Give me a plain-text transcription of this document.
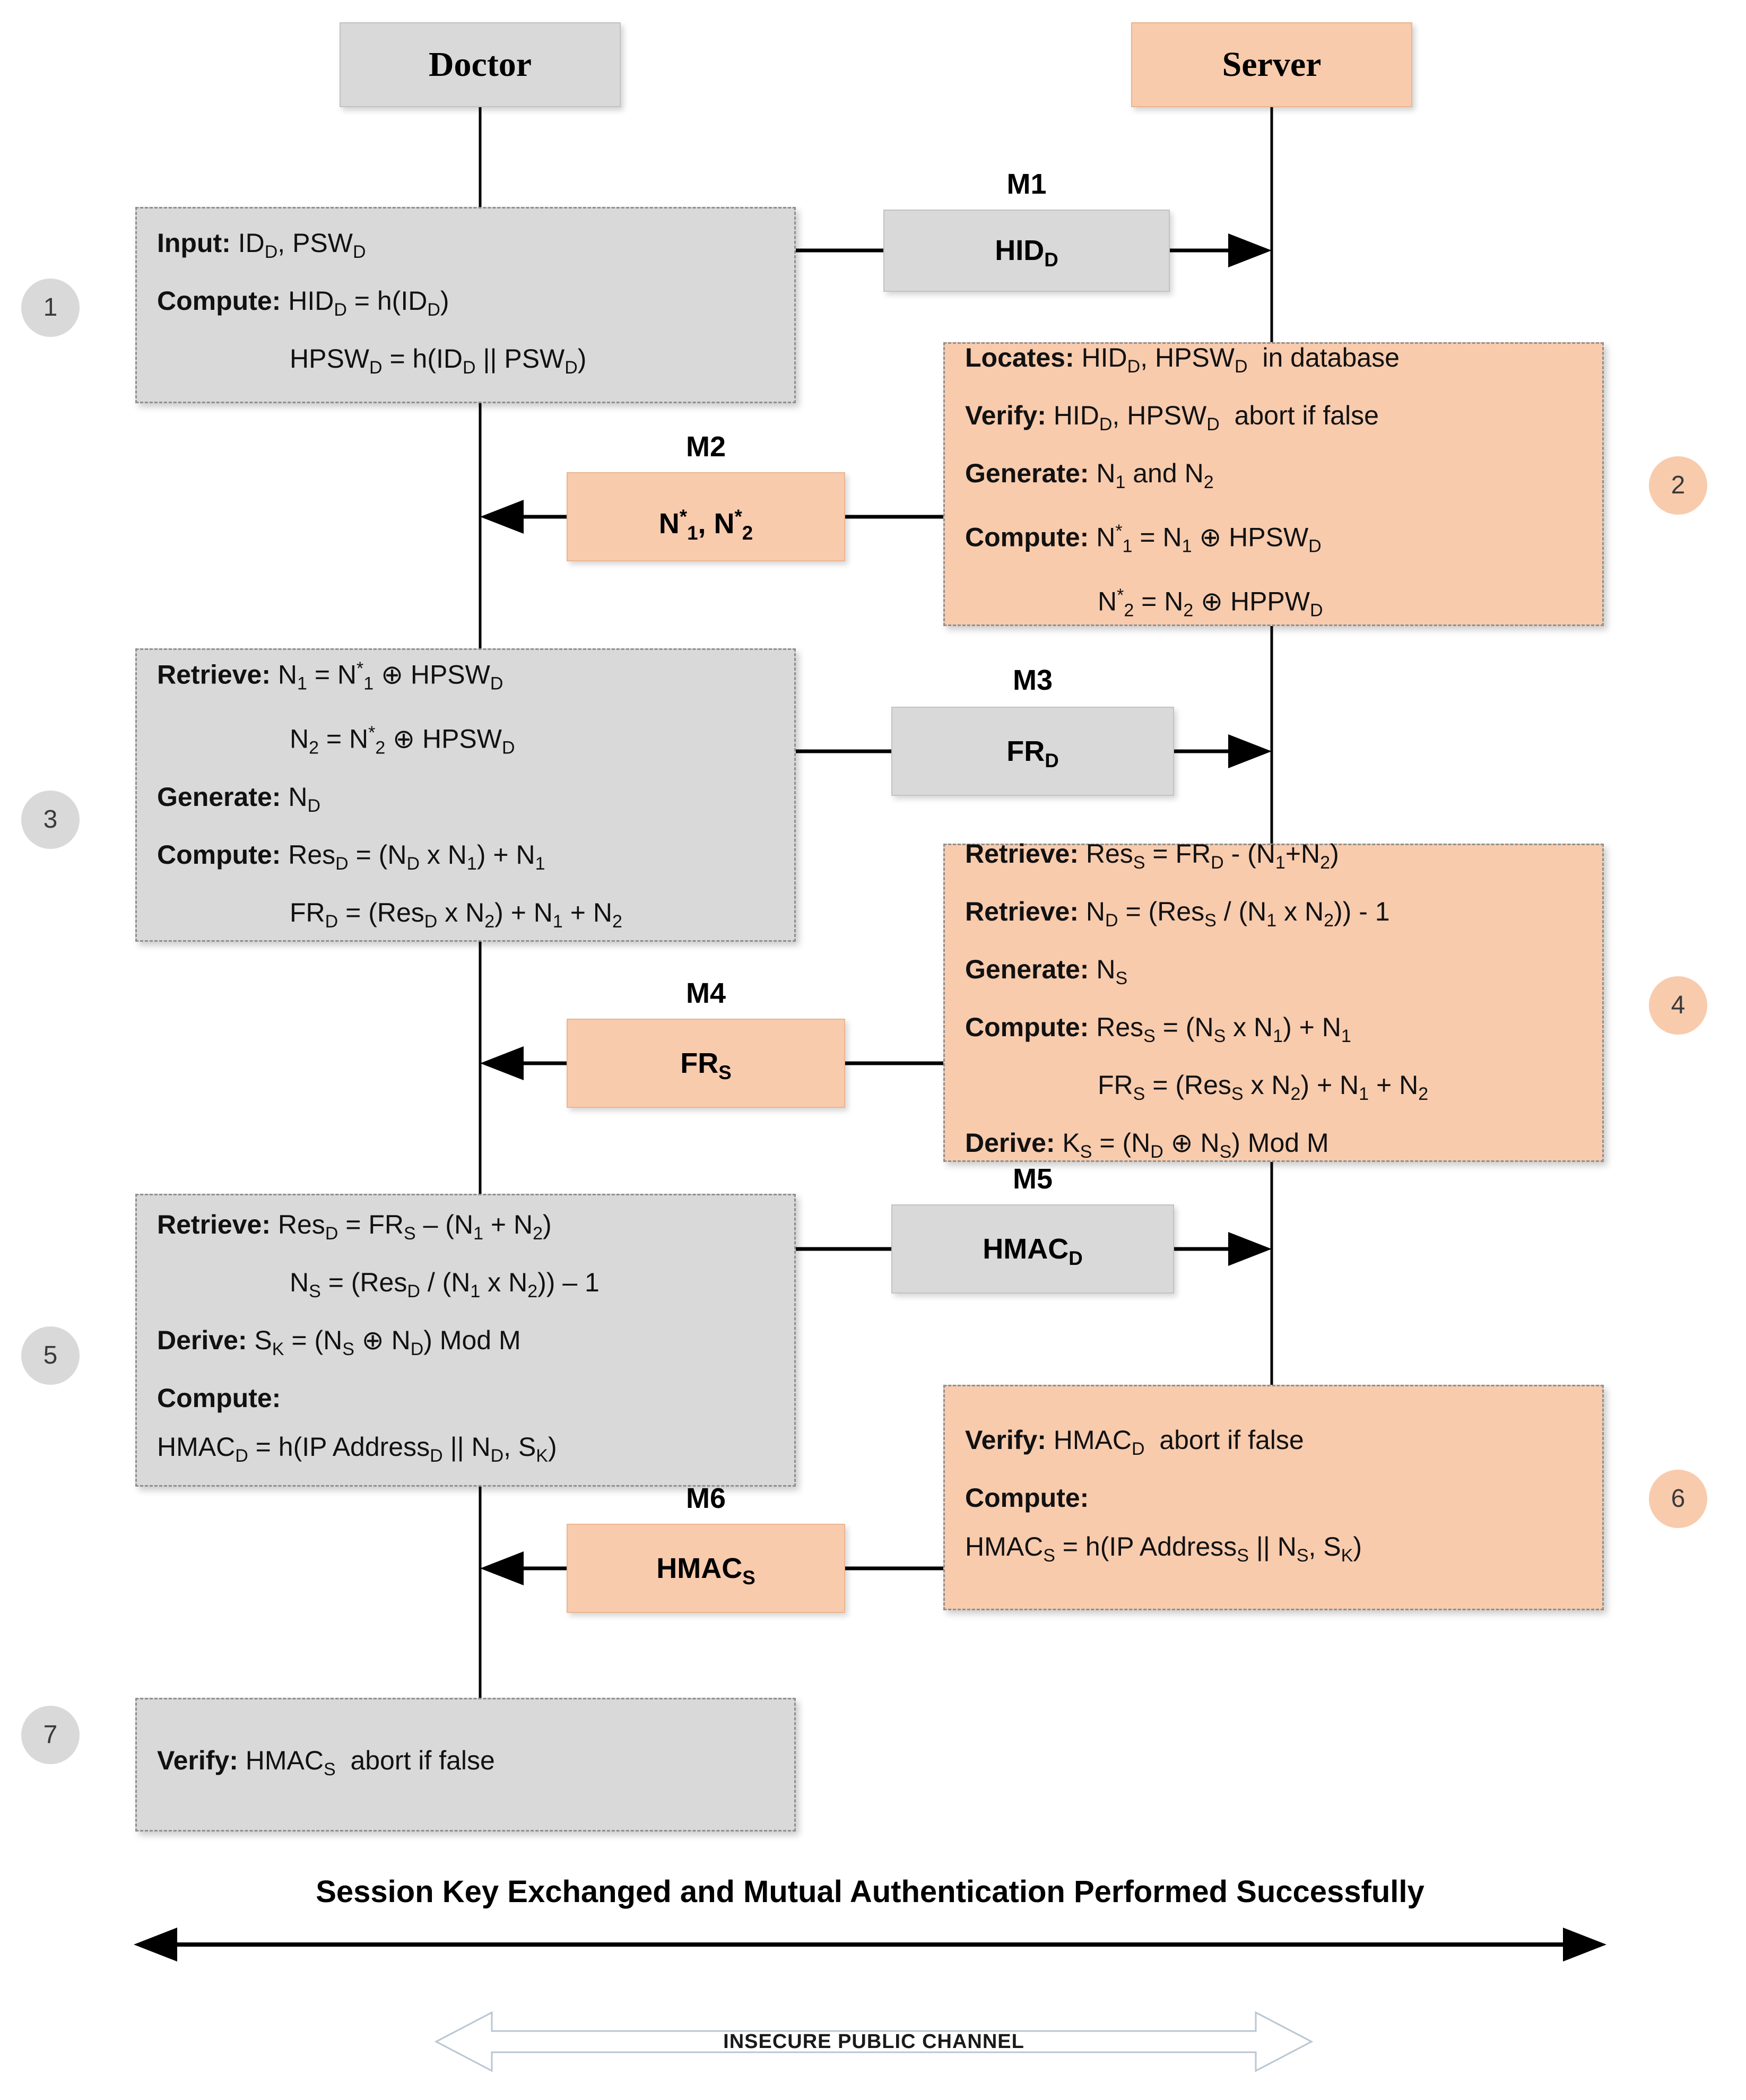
Doctor	Server
1
2
3
4
5
6
7
Input: $ID_D$, $PSW_D$
Compute: $HID_D = h(ID_D)$
$HPSW_D = h(ID_D$ || $PSW_D$)	Locates: $HID_D$, $HPSW_D$  in database
Verify: $HID_D$, $HPSW_D$  abort if false
Generate: $N_1$ and $N_2$
Compute: $N^*_1 = N_1$ ⊕ $HPSW_D$
$N^*_2 = N_2$ ⊕ $HPPW_D$
Retrieve: $N_1 = N^*_1$ ⊕ $HPSW_D$
$N_2 = N^*_2$ ⊕ $HPSW_D$
Generate: $N_D$
Compute: $Res_D = (N_D$ x $N_1) + N_1$
$FR_D = (Res_D$ x $N_2) + N_1 + N_2$
Retrieve: $Res_S = FR_D - (N_1+N_2)$
Retrieve: $N_D = (Res_S / (N_1$ x $N_2)) - 1$
Generate: $N_S$
Compute: $Res_S = (N_S$ x $N_1) + N_1$
$FR_S = (Res_S$ x $N_2) + N_1 + N_2$
Derive: $K_S = (N_D$ ⊕ $N_S$) Mod M
Retrieve: $Res_D = FR_S - (N_1 + N_2)$
$N_S = (Res_D / (N_1$ x $N_2)) - 1$
Derive: $S_K = (N_S$ ⊕ $N_D$) Mod M
Compute:
$HMAC_D = h(IP$ Address$_D$ || $N_D$, $S_K$)	Verify: $HMAC_D$  abort if false
Compute:
$HMAC_S = h(IP$ Address$_S$ || $N_S$, $S_K$)
Verify: $HMAC_S$  abort if false
M1
$HID_D$
M2
$N^*_1$, $N^*_2$
M3
$FR_D$
M4
$FR_S$
M5
$HMAC_D$
M6
$HMAC_S$
Session Key Exchanged and Mutual Authentication Performed Successfully
INSECURE PUBLIC CHANNEL
